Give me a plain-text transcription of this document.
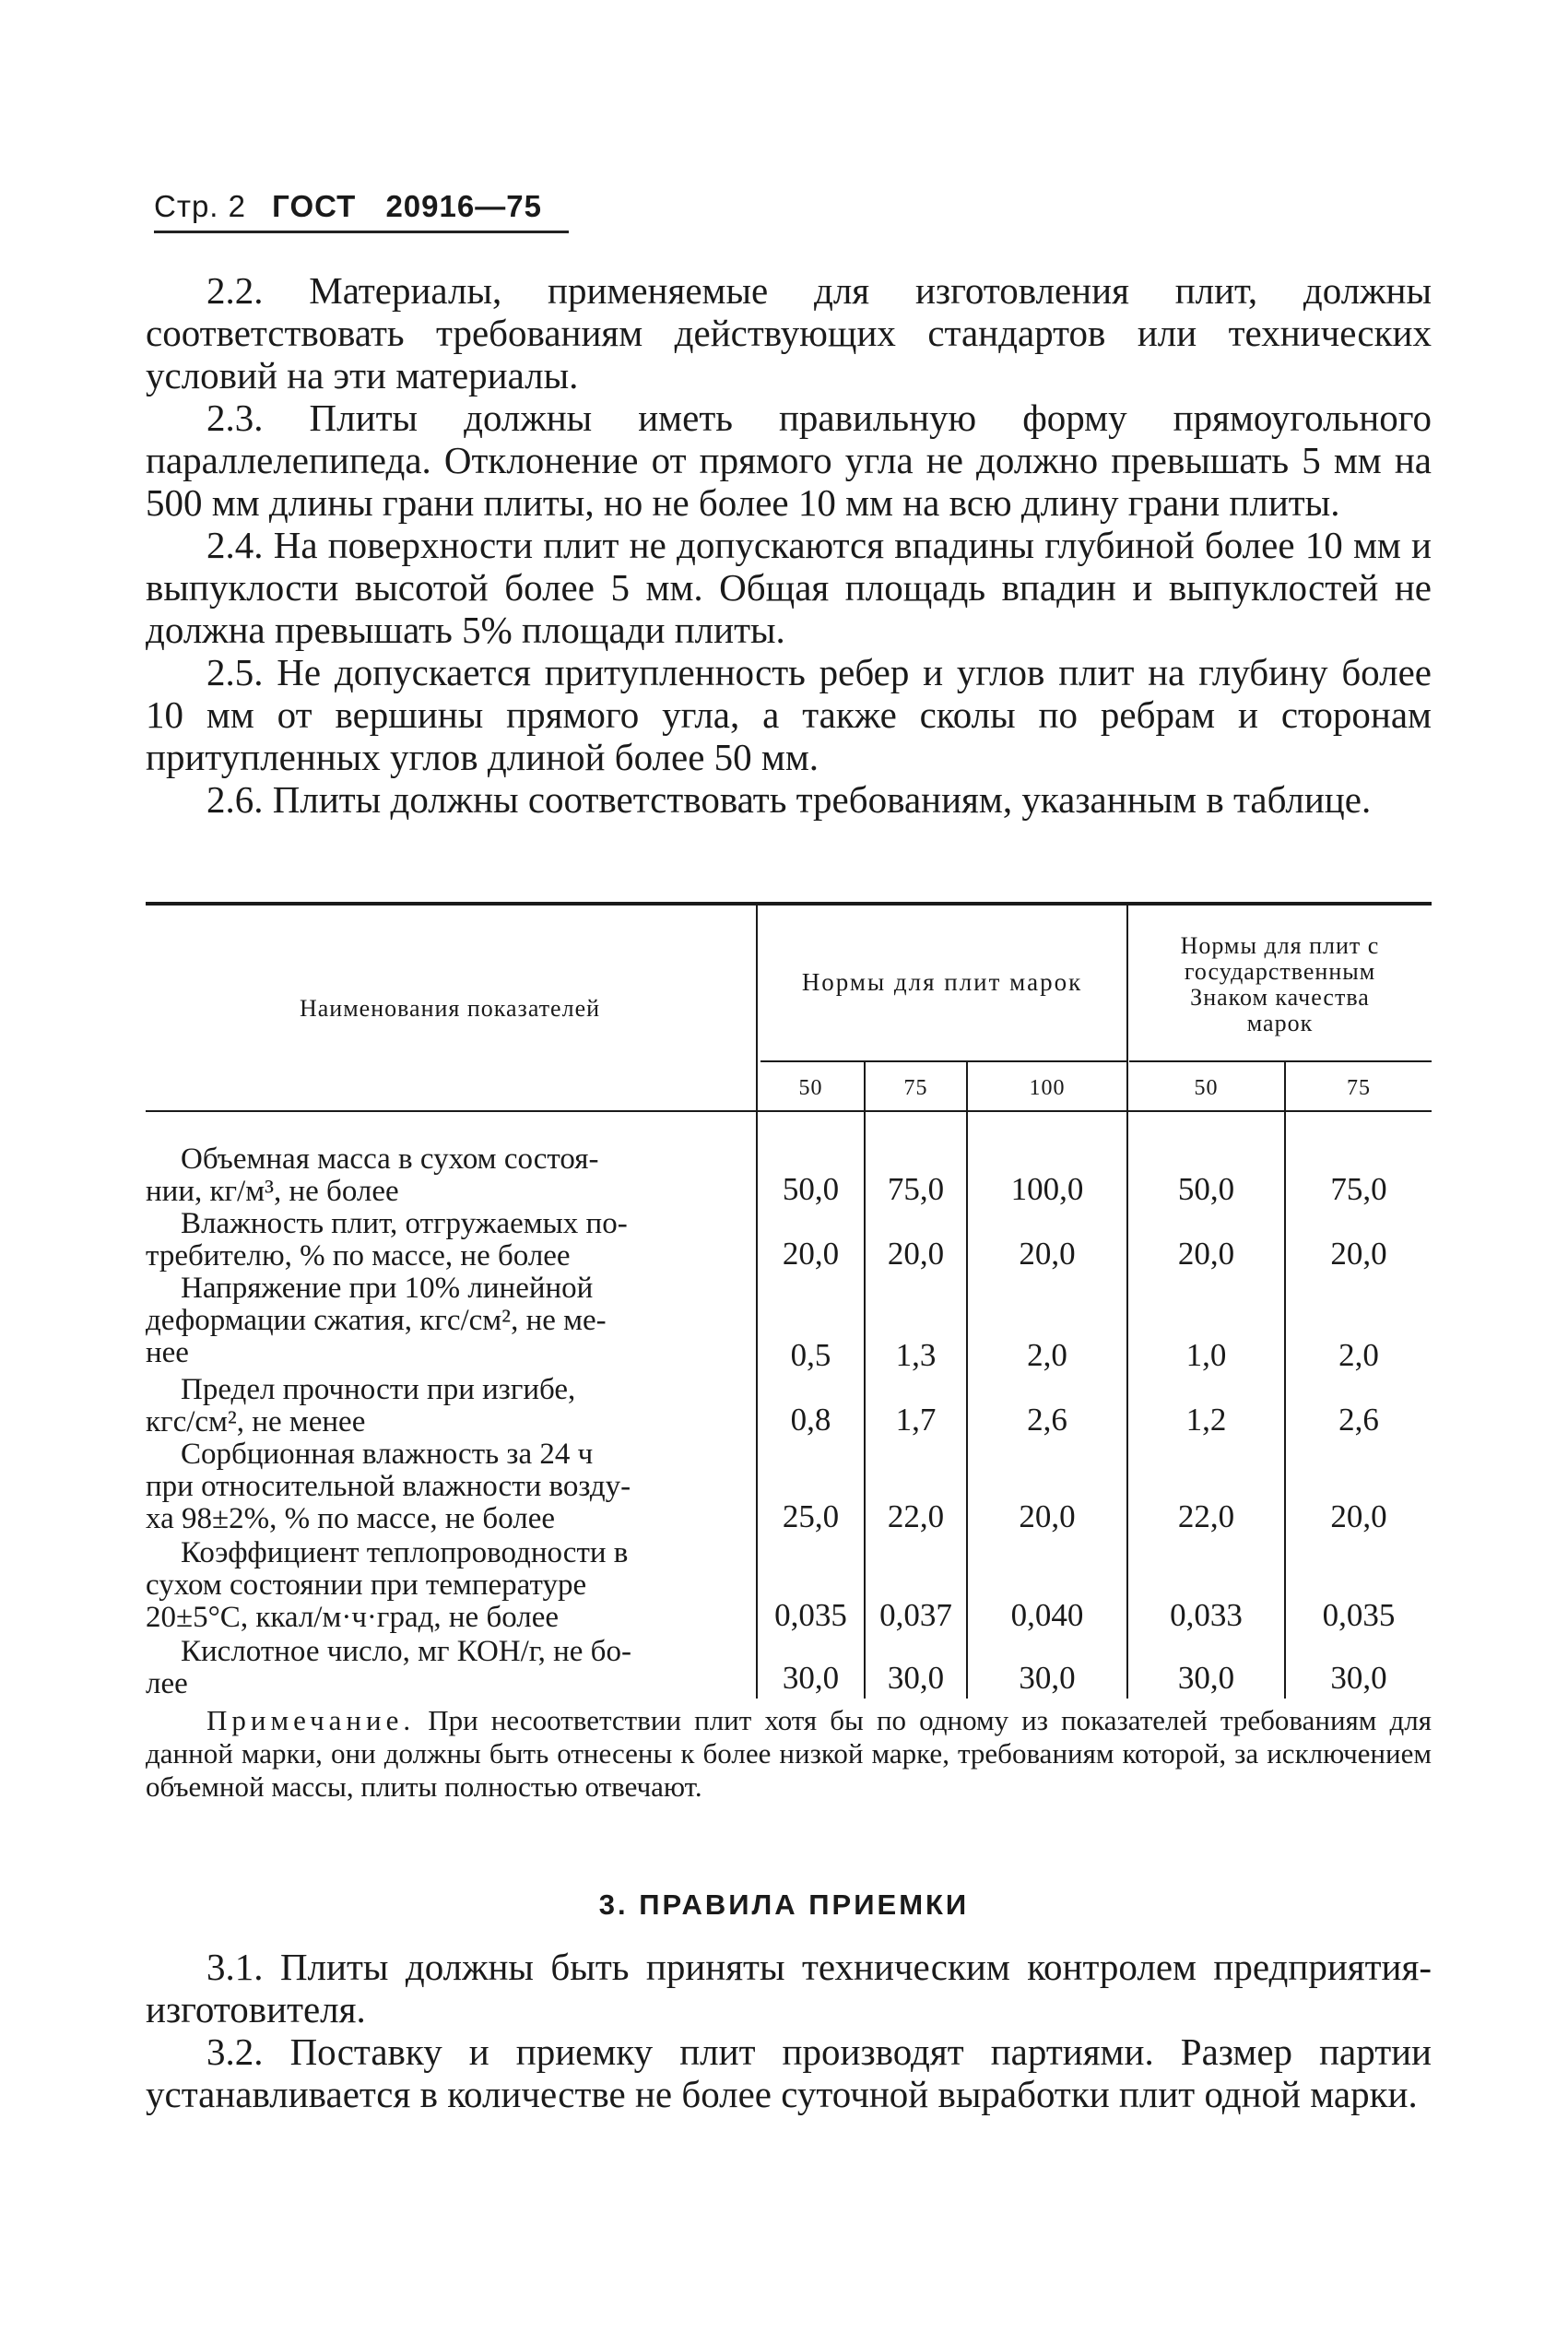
Стр. 2 ГОСТ 20916—75

2.2. Материалы, применяемые для изготовления плит, должны соответствовать требованиям действующих стандартов или технических условий на эти материалы.

2.3. Плиты должны иметь правильную форму прямоугольного параллелепипеда. Отклонение от прямого угла не должно превышать 5 мм на 500 мм длины грани плиты, но не более 10 мм на всю длину грани плиты.

2.4. На поверхности плит не допускаются впадины глубиной более 10 мм и выпуклости высотой более 5 мм. Общая площадь впадин и выпуклостей не должна превышать 5% площади плиты.

2.5. Не допускается притупленность ребер и углов плит на глубину более 10 мм от вершины прямого угла, а также сколы по ребрам и сторонам притупленных углов длиной более 50 мм.

2.6. Плиты должны соответствовать требованиям, указанным в таблице.

Наименования показателей
Нормы для плит марок
Нормы для плит с
государственным
Знаком качества
марок
50	75	100	50	75
Объемная масса в сухом состоя-
нии, кг/м³, не более	50,0	75,0	100,0	50,0	75,0
Влажность плит, отгружаемых по-
требителю, % по массе, не более	20,0	20,0	20,0	20,0	20,0
Напряжение при 10% линейной
деформации сжатия, кгс/см², не ме-
нее	0,5	1,3	2,0	1,0	2,0
Предел прочности при изгибе,
кгс/см², не менее	0,8	1,7	2,6	1,2	2,6
Сорбционная влажность за 24 ч
при относительной влажности возду-
ха 98±2%, % по массе, не более	25,0	22,0	20,0	22,0	20,0
Коэффициент теплопроводности в
сухом состоянии при температуре
20±5°С, ккал/м·ч·град, не более	0,035	0,037	0,040	0,033	0,035
Кислотное число, мг КОН/г, не бо-
лее	30,0	30,0	30,0	30,0	30,0

Примечание. При несоответствии плит хотя бы по одному из показателей требованиям для данной марки, они должны быть отнесены к более низкой марке, требованиям которой, за исключением объемной массы, плиты полностью отвечают.

3. ПРАВИЛА ПРИЕМКИ

3.1. Плиты должны быть приняты техническим контролем предприятия-изготовителя.

3.2. Поставку и приемку плит производят партиями. Размер партии устанавливается в количестве не более суточной выработки плит одной марки.
